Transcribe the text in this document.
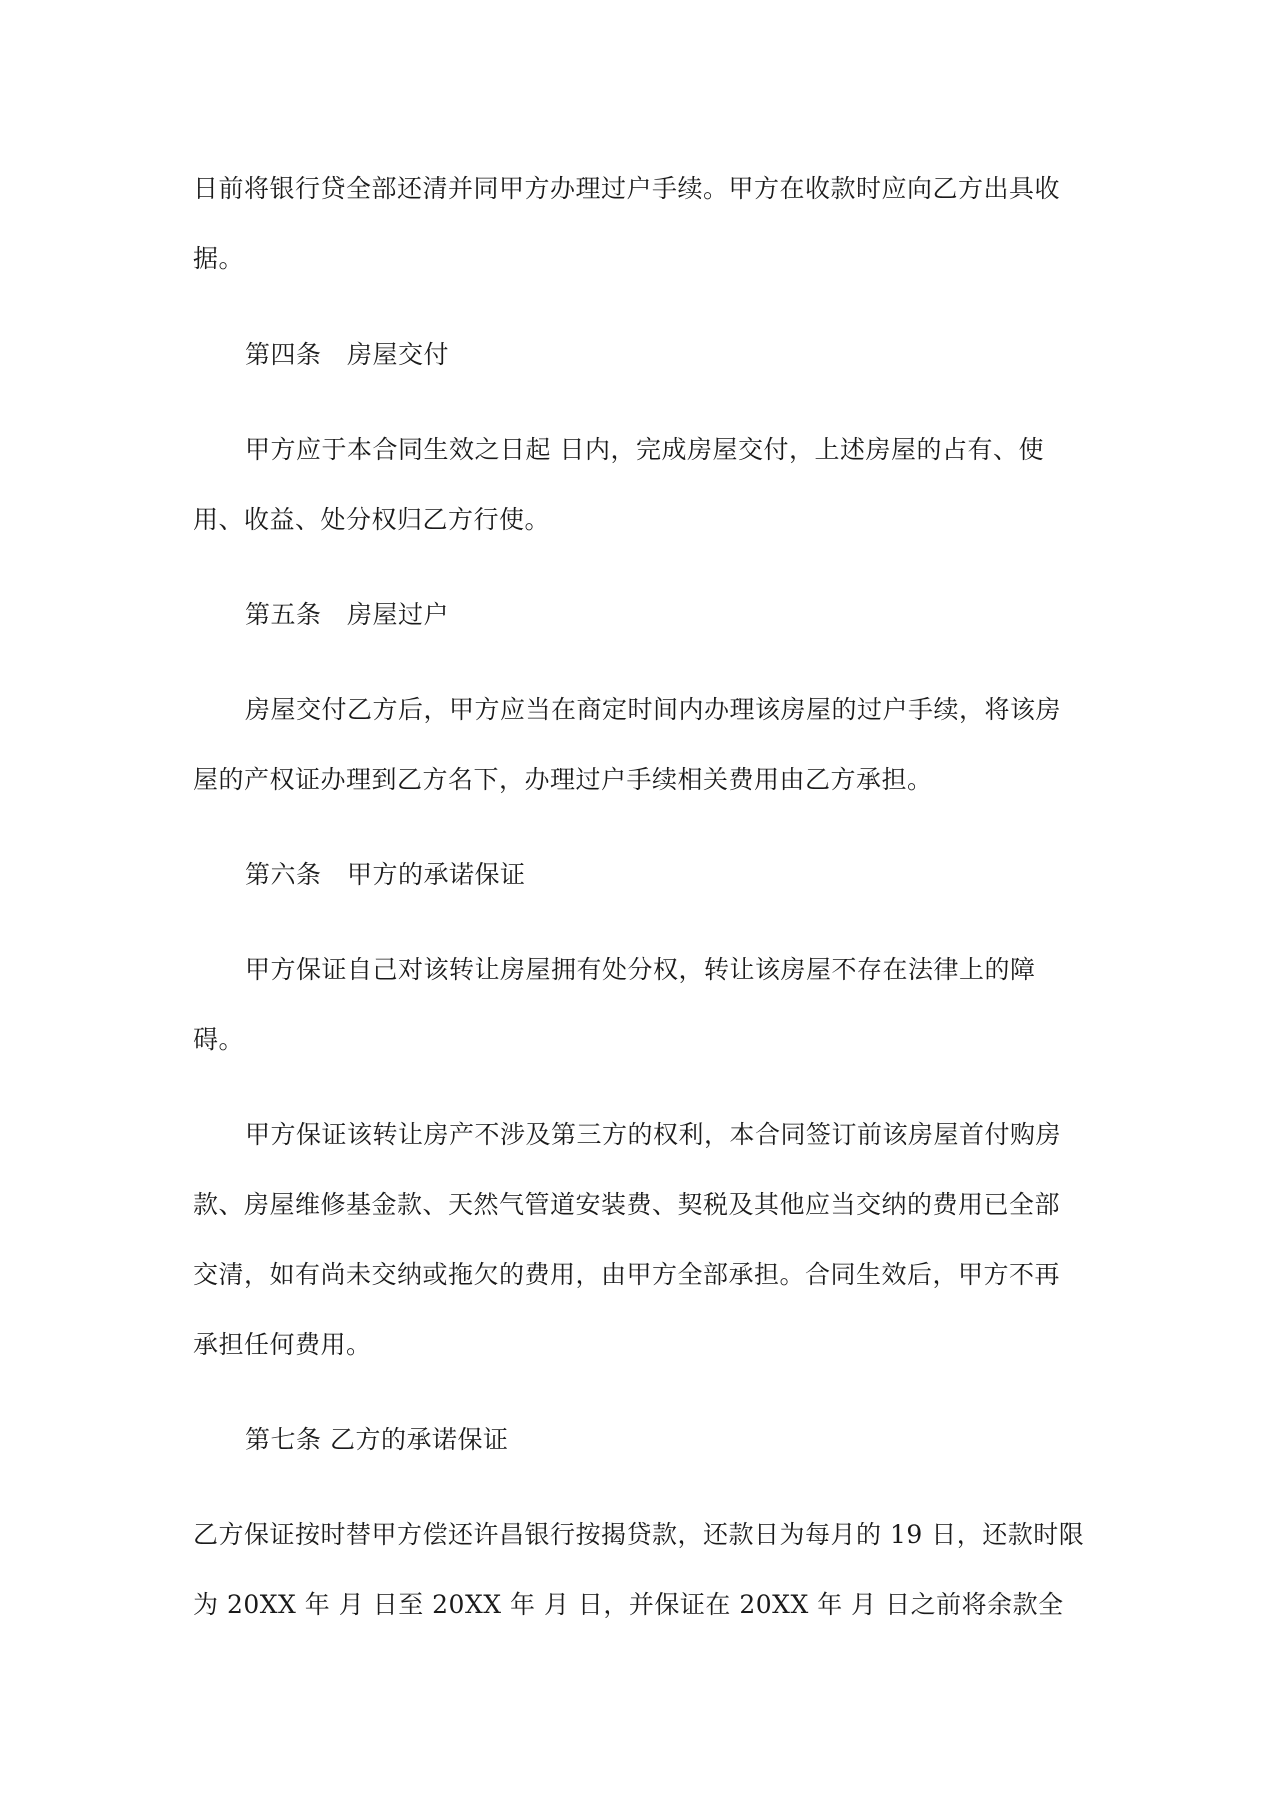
日前将银行贷全部还清并同甲方办理过户手续。甲方在收款时应向乙方出具收
据。
第四条　房屋交付
甲方应于本合同生效之日起 日内，完成房屋交付，上述房屋的占有、使
用、收益、处分权归乙方行使。
第五条　房屋过户
房屋交付乙方后，甲方应当在商定时间内办理该房屋的过户手续，将该房
屋的产权证办理到乙方名下，办理过户手续相关费用由乙方承担。
第六条　甲方的承诺保证
甲方保证自己对该转让房屋拥有处分权，转让该房屋不存在法律上的障
碍。
甲方保证该转让房产不涉及第三方的权利，本合同签订前该房屋首付购房
款、房屋维修基金款、天然气管道安装费、契税及其他应当交纳的费用已全部
交清，如有尚未交纳或拖欠的费用，由甲方全部承担。合同生效后，甲方不再
承担任何费用。
第七条 乙方的承诺保证
乙方保证按时替甲方偿还许昌银行按揭贷款，还款日为每月的 19 日，还款时限
为 20XX 年 月 日至 20XX 年 月 日，并保证在 20XX 年 月 日之前将余款全
